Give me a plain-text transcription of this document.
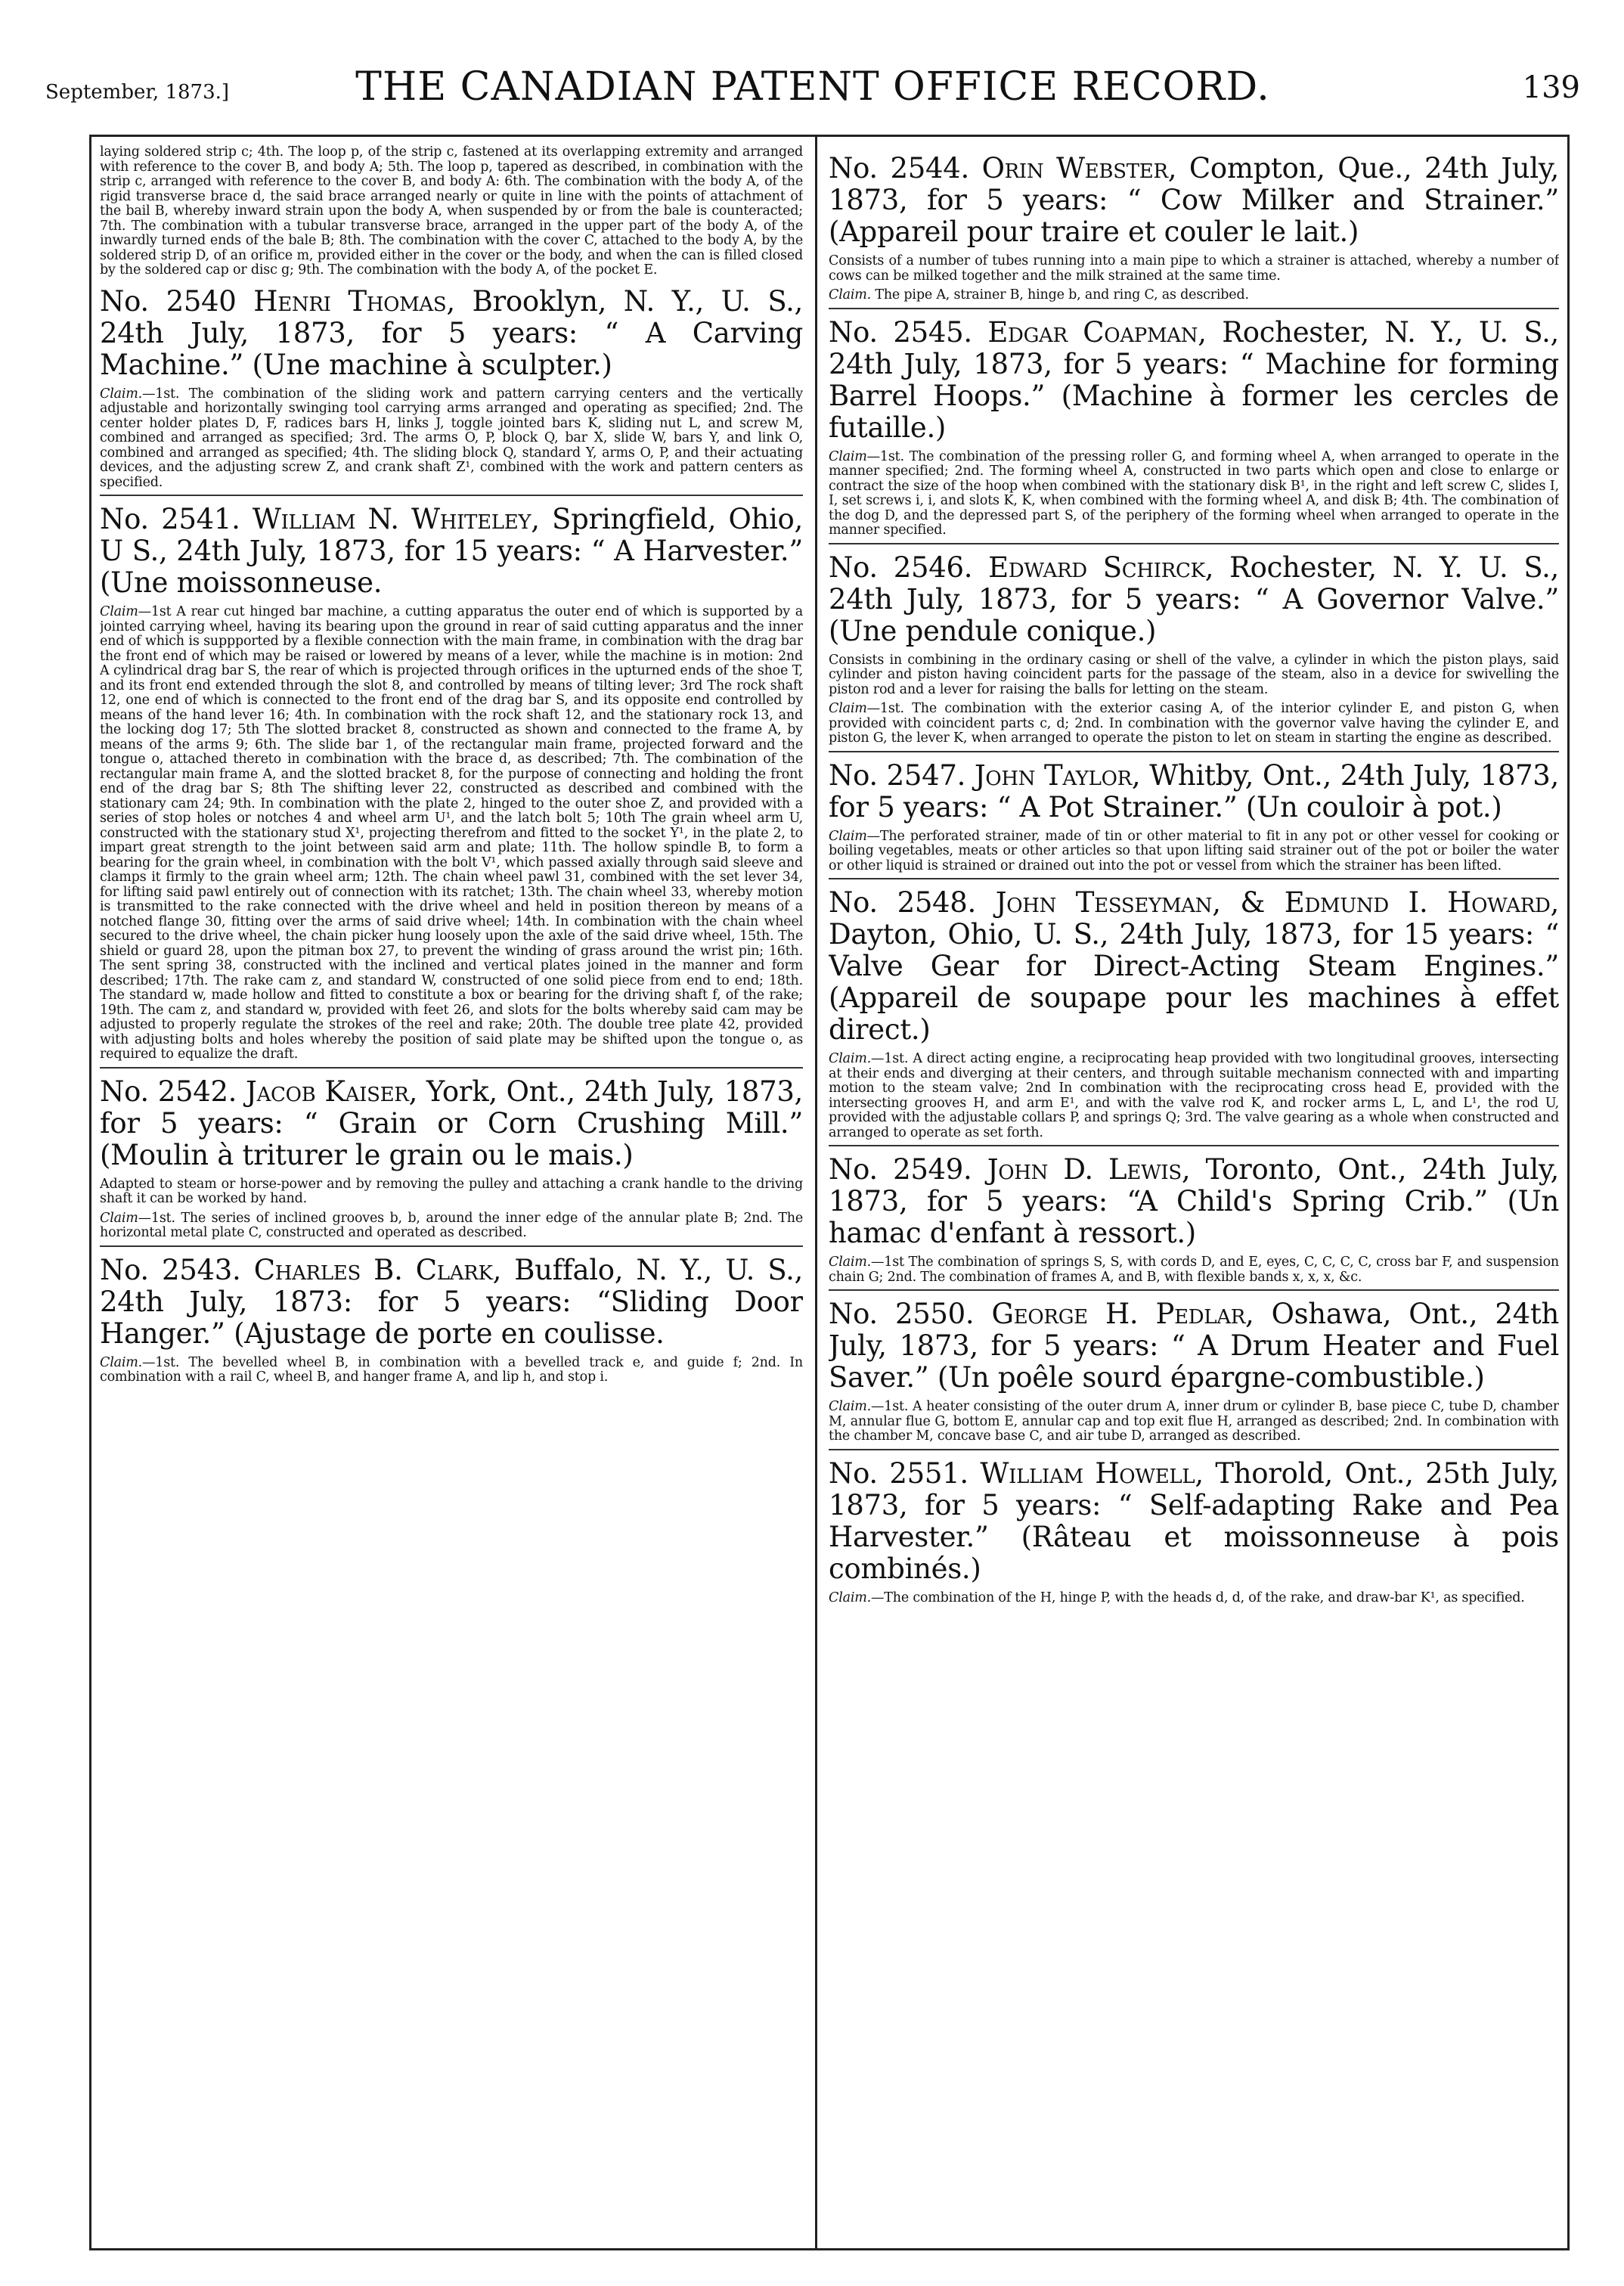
September, 1873.]	THE CANADIAN PATENT OFFICE RECORD.	139

laying soldered strip c; 4th. The loop p, of the strip c, fastened at its overlapping extremity and arranged with reference to the cover B, and body A; 5th. The loop p, tapered as described, in combination with the strip c, arranged with reference to the cover B, and body A: 6th. The combination with the body A, of the rigid transverse brace d, the said brace arranged nearly or quite in line with the points of attachment of the bail B, whereby inward strain upon the body A, when suspended by or from the bale is counteracted; 7th. The combination with a tubular transverse brace, arranged in the upper part of the body A, of the inwardly turned ends of the bale B; 8th. The combination with the cover C, attached to the body A, by the soldered strip D, of an orifice m, provided either in the cover or the body, and when the can is filled closed by the soldered cap or disc g; 9th. The combination with the body A, of the pocket E.

No. 2540 Henri Thomas, Brooklyn, N. Y., U. S., 24th July, 1873, for 5 years: “ A Carving Machine.” (Une machine à sculpter.)

Claim.—1st. The combination of the sliding work and pattern carrying centers and the vertically adjustable and horizontally swinging tool carrying arms arranged and operating as specified; 2nd. The center holder plates D, F, radices bars H, links J, toggle jointed bars K, sliding nut L, and screw M, combined and arranged as specified; 3rd. The arms O, P, block Q, bar X, slide W, bars Y, and link O, combined and arranged as specified; 4th. The sliding block Q, standard Y, arms O, P, and their actuating devices, and the adjusting screw Z, and crank shaft Z¹, combined with the work and pattern centers as specified.

No. 2541. William N. Whiteley, Springfield, Ohio, U S., 24th July, 1873, for 15 years: “ A Harvester.” (Une moissonneuse.

Claim—1st A rear cut hinged bar machine, a cutting apparatus the outer end of which is supported by a jointed carrying wheel, having its bearing upon the ground in rear of said cutting apparatus and the inner end of which is suppported by a flexible connection with the main frame, in combination with the drag bar the front end of which may be raised or lowered by means of a lever, while the machine is in motion: 2nd A cylindrical drag bar S, the rear of which is projected through orifices in the upturned ends of the shoe T, and its front end extended through the slot 8, and controlled by means of tilting lever; 3rd The rock shaft 12, one end of which is connected to the front end of the drag bar S, and its opposite end controlled by means of the hand lever 16; 4th. In combination with the rock shaft 12, and the stationary rock 13, and the locking dog 17; 5th The slotted bracket 8, constructed as shown and connected to the frame A, by means of the arms 9; 6th. The slide bar 1, of the rectangular main frame, projected forward and the tongue o, attached thereto in combination with the brace d, as described; 7th. The combination of the rectangular main frame A, and the slotted bracket 8, for the purpose of connecting and holding the front end of the drag bar S; 8th The shifting lever 22, constructed as described and combined with the stationary cam 24; 9th. In combination with the plate 2, hinged to the outer shoe Z, and provided with a series of stop holes or notches 4 and wheel arm U¹, and the latch bolt 5; 10th The grain wheel arm U, constructed with the stationary stud X¹, projecting therefrom and fitted to the socket Y¹, in the plate 2, to impart great strength to the joint between said arm and plate; 11th. The hollow spindle B, to form a bearing for the grain wheel, in combination with the bolt V¹, which passed axially through said sleeve and clamps it firmly to the grain wheel arm; 12th. The chain wheel pawl 31, combined with the set lever 34, for lifting said pawl entirely out of connection with its ratchet; 13th. The chain wheel 33, whereby motion is transmitted to the rake connected with the drive wheel and held in position thereon by means of a notched flange 30, fitting over the arms of said drive wheel; 14th. In combination with the chain wheel secured to the drive wheel, the chain picker hung loosely upon the axle of the said drive wheel, 15th. The shield or guard 28, upon the pitman box 27, to prevent the winding of grass around the wrist pin; 16th. The sent spring 38, constructed with the inclined and vertical plates joined in the manner and form described; 17th. The rake cam z, and standard W, constructed of one solid piece from end to end; 18th. The standard w, made hollow and fitted to constitute a box or bearing for the driving shaft f, of the rake; 19th. The cam z, and standard w, provided with feet 26, and slots for the bolts whereby said cam may be adjusted to properly regulate the strokes of the reel and rake; 20th. The double tree plate 42, provided with adjusting bolts and holes whereby the position of said plate may be shifted upon the tongue o, as required to equalize the draft.

No. 2542. Jacob Kaiser, York, Ont., 24th July, 1873, for 5 years: “ Grain or Corn Crushing Mill.” (Moulin à triturer le grain ou le mais.)

Adapted to steam or horse-power and by removing the pulley and attaching a crank handle to the driving shaft it can be worked by hand.

Claim—1st. The series of inclined grooves b, b, around the inner edge of the annular plate B; 2nd. The horizontal metal plate C, constructed and operated as described.

No. 2543. Charles B. Clark, Buffalo, N. Y., U. S., 24th July, 1873: for 5 years: “Sliding Door Hanger.” (Ajustage de porte en coulisse.

Claim.—1st. The bevelled wheel B, in combination with a bevelled track e, and guide f; 2nd. In combination with a rail C, wheel B, and hanger frame A, and lip h, and stop i.

No. 2544. Orin Webster, Compton, Que., 24th July, 1873, for 5 years: “ Cow Milker and Strainer.” (Appareil pour traire et couler le lait.)

Consists of a number of tubes running into a main pipe to which a strainer is attached, whereby a number of cows can be milked together and the milk strained at the same time.

Claim. The pipe A, strainer B, hinge b, and ring C, as described.

No. 2545. Edgar Coapman, Rochester, N. Y., U. S., 24th July, 1873, for 5 years: “ Machine for forming Barrel Hoops.” (Machine à former les cercles de futaille.)

Claim—1st. The combination of the pressing roller G, and forming wheel A, when arranged to operate in the manner specified; 2nd. The forming wheel A, constructed in two parts which open and close to enlarge or contract the size of the hoop when combined with the stationary disk B¹, in the right and left screw C, slides I, I, set screws i, i, and slots K, K, when combined with the forming wheel A, and disk B; 4th. The combination of the dog D, and the depressed part S, of the periphery of the forming wheel when arranged to operate in the manner specified.

No. 2546. Edward Schirck, Rochester, N. Y. U. S., 24th July, 1873, for 5 years: “ A Governor Valve.” (Une pendule conique.)

Consists in combining in the ordinary casing or shell of the valve, a cylinder in which the piston plays, said cylinder and piston having coincident parts for the passage of the steam, also in a device for swivelling the piston rod and a lever for raising the balls for letting on the steam.

Claim—1st. The combination with the exterior casing A, of the interior cylinder E, and piston G, when provided with coincident parts c, d; 2nd. In combination with the governor valve having the cylinder E, and piston G, the lever K, when arranged to operate the piston to let on steam in starting the engine as described.

No. 2547. John Taylor, Whitby, Ont., 24th July, 1873, for 5 years: “ A Pot Strainer.” (Un couloir à pot.)

Claim—The perforated strainer, made of tin or other material to fit in any pot or other vessel for cooking or boiling vegetables, meats or other articles so that upon lifting said strainer out of the pot or boiler the water or other liquid is strained or drained out into the pot or vessel from which the strainer has been lifted.

No. 2548. John Tesseyman, & Edmund I. Howard, Dayton, Ohio, U. S., 24th July, 1873, for 15 years: “ Valve Gear for Direct-Acting Steam Engines.” (Appareil de soupape pour les machines à effet direct.)

Claim.—1st. A direct acting engine, a reciprocating heap provided with two longitudinal grooves, intersecting at their ends and diverging at their centers, and through suitable mechanism connected with and imparting motion to the steam valve; 2nd In combination with the reciprocating cross head E, provided with the intersecting grooves H, and arm E¹, and with the valve rod K, and rocker arms L, L, and L¹, the rod U, provided with the adjustable collars P, and springs Q; 3rd. The valve gearing as a whole when constructed and arranged to operate as set forth.

No. 2549. John D. Lewis, Toronto, Ont., 24th July, 1873, for 5 years: “A Child's Spring Crib.” (Un hamac d'enfant à ressort.)

Claim.—1st The combination of springs S, S, with cords D, and E, eyes, C, C, C, C, cross bar F, and suspension chain G; 2nd. The combination of frames A, and B, with flexible bands x, x, x, &c.

No. 2550. George H. Pedlar, Oshawa, Ont., 24th July, 1873, for 5 years: “ A Drum Heater and Fuel Saver.” (Un poêle sourd épargne-combustible.)

Claim.—1st. A heater consisting of the outer drum A, inner drum or cylinder B, base piece C, tube D, chamber M, annular flue G, bottom E, annular cap and top exit flue H, arranged as described; 2nd. In combination with the chamber M, concave base C, and air tube D, arranged as described.

No. 2551. William Howell, Thorold, Ont., 25th July, 1873, for 5 years: “ Self-adapting Rake and Pea Harvester.” (Râteau et moissonneuse à pois combinés.)

Claim.—The combination of the H, hinge P, with the heads d, d, of the rake, and draw-bar K¹, as specified.
